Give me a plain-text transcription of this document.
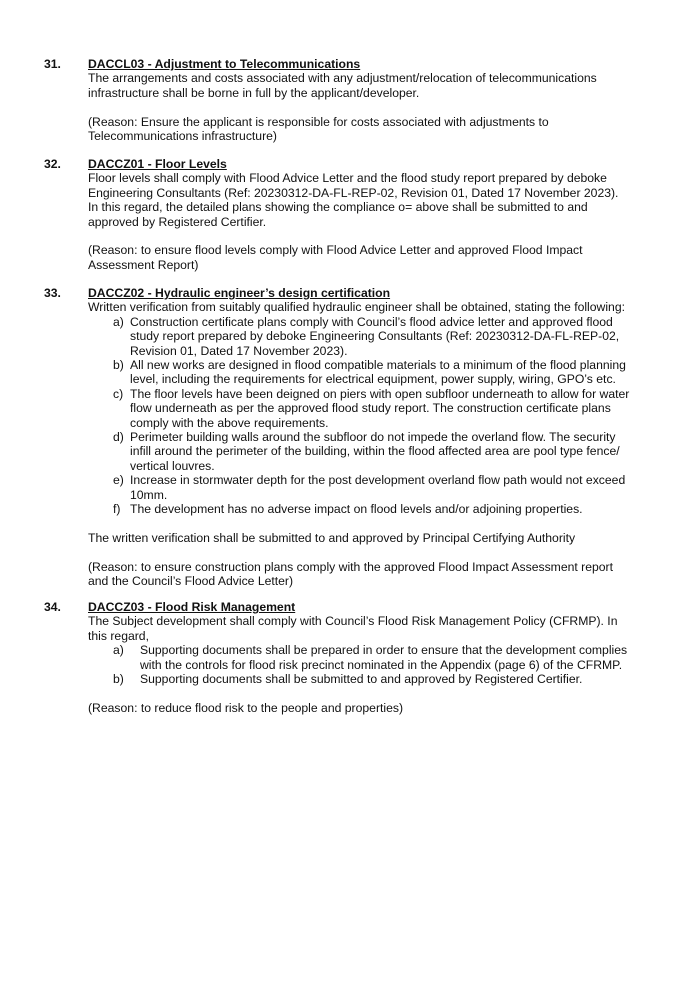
31. DACCL03 - Adjustment to Telecommunications
The arrangements and costs associated with any adjustment/relocation of telecommunications
infrastructure shall be borne in full by the applicant/developer.
(Reason: Ensure the applicant is responsible for costs associated with adjustments to
Telecommunications infrastructure)
32. DACCZ01 - Floor Levels
Floor levels shall comply with Flood Advice Letter and the flood study report prepared by deboke
Engineering Consultants (Ref: 20230312-DA-FL-REP-02, Revision 01, Dated 17 November 2023).
In this regard, the detailed plans showing the compliance o= above shall be submitted to and
approved by Registered Certifier.
(Reason: to ensure flood levels comply with Flood Advice Letter and approved Flood Impact
Assessment Report)
33. DACCZ02 - Hydraulic engineer’s design certification
Written verification from suitably qualified hydraulic engineer shall be obtained, stating the following:
a) Construction certificate plans comply with Council’s flood advice letter and approved flood
study report prepared by deboke Engineering Consultants (Ref: 20230312-DA-FL-REP-02,
Revision 01, Dated 17 November 2023).
b) All new works are designed in flood compatible materials to a minimum of the flood planning
level, including the requirements for electrical equipment, power supply, wiring, GPO’s etc.
c) The floor levels have been deigned on piers with open subfloor underneath to allow for water
flow underneath as per the approved flood study report. The construction certificate plans
comply with the above requirements.
d) Perimeter building walls around the subfloor do not impede the overland flow. The security
infill around the perimeter of the building, within the flood affected area are pool type fence/
vertical louvres.
e) Increase in stormwater depth for the post development overland flow path would not exceed
10mm.
f) The development has no adverse impact on flood levels and/or adjoining properties.
The written verification shall be submitted to and approved by Principal Certifying Authority
(Reason: to ensure construction plans comply with the approved Flood Impact Assessment report
and the Council’s Flood Advice Letter)
34. DACCZ03 - Flood Risk Management
The Subject development shall comply with Council’s Flood Risk Management Policy (CFRMP). In
this regard,
a) Supporting documents shall be prepared in order to ensure that the development complies
with the controls for flood risk precinct nominated in the Appendix (page 6) of the CFRMP.
b) Supporting documents shall be submitted to and approved by Registered Certifier.
(Reason: to reduce flood risk to the people and properties)
